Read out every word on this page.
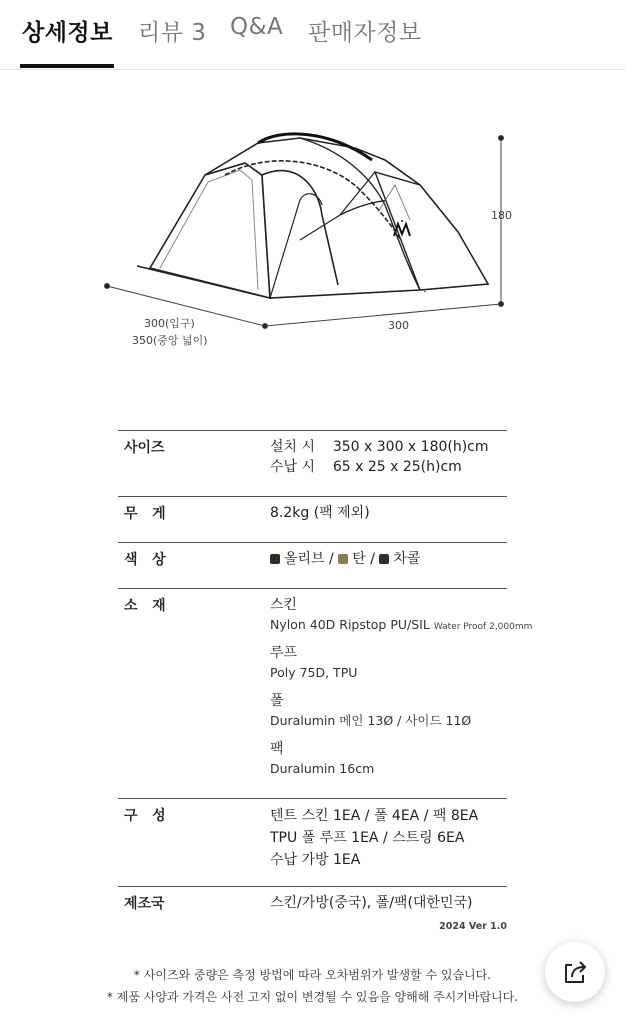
상세정보 리뷰 3 Q&A 판매자정보
180
300
300(입구)
350(중앙 넓이)
사이즈	설치 시 350 x 300 x 180(h)cm
수납 시 65 x 25 x 25(h)cm
무   게	8.2kg (팩 제외)
색   상	올리브 / 탄 / 차콜
소   재	스킨
Nylon 40D Ripstop PU/SIL Water Proof 2,000mm
루프
Poly 75D, TPU
폴
Duralumin 메인 13Ø / 사이드 11Ø
팩
Duralumin 16cm
구   성	텐트 스킨 1EA / 폴 4EA / 팩 8EA
TPU 폴 루프 1EA / 스트링 6EA
수납 가방 1EA
제조국	스킨/가방(중국), 폴/팩(대한민국)
2024 Ver 1.0
* 사이즈와 중량은 측정 방법에 따라 오차범위가 발생할 수 있습니다.
* 제품 사양과 가격은 사전 고지 없이 변경될 수 있음을 양해해 주시기바랍니다.
